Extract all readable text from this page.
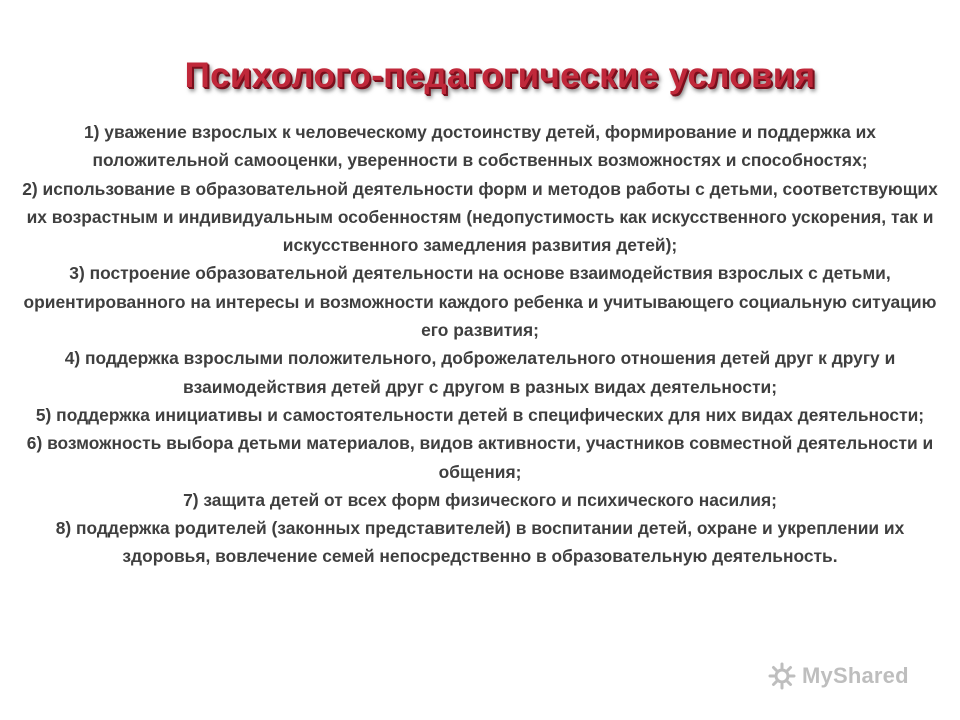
Психолого-педагогические условия
1) уважение взрослых к человеческому достоинству детей, формирование и поддержка их положительной самооценки, уверенности в собственных возможностях и способностях;
2) использование в образовательной деятельности форм и методов работы с детьми, соответствующих их возрастным и индивидуальным особенностям (недопустимость как искусственного ускорения, так и искусственного замедления развития детей);
3) построение образовательной деятельности на основе взаимодействия взрослых с детьми, ориентированного на интересы и возможности каждого ребенка и учитывающего социальную ситуацию его развития;
4) поддержка взрослыми положительного, доброжелательного отношения детей друг к другу и взаимодействия детей друг с другом в разных видах деятельности;
5) поддержка инициативы и самостоятельности детей в специфических для них видах деятельности;
6) возможность выбора детьми материалов, видов активности, участников совместной деятельности и общения;
7) защита детей от всех форм физического и психического насилия;
8) поддержка родителей (законных представителей) в воспитании детей, охране и укреплении их здоровья, вовлечение семей непосредственно в образовательную деятельность.
MyShared
